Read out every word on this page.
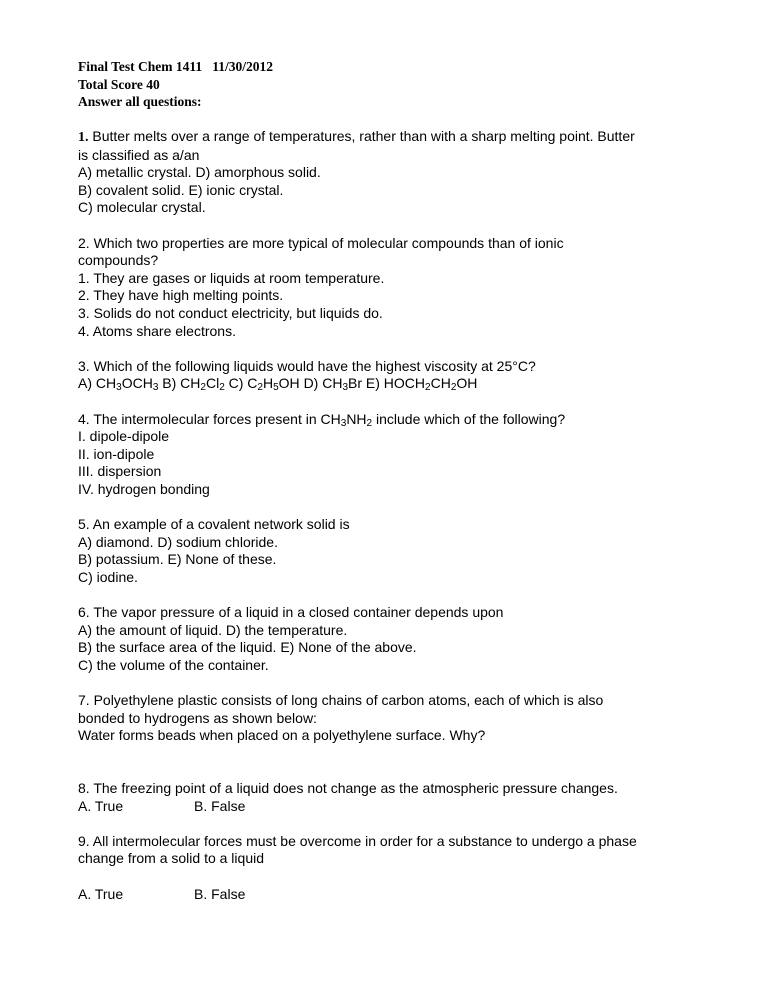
Final Test Chem 1411   11/30/2012
Total Score 40
Answer all questions:
1. Butter melts over a range of temperatures, rather than with a sharp melting point. Butter
is classified as a/an
A) metallic crystal. D) amorphous solid.
B) covalent solid. E) ionic crystal.
C) molecular crystal.
2. Which two properties are more typical of molecular compounds than of ionic
compounds?
1. They are gases or liquids at room temperature.
2. They have high melting points.
3. Solids do not conduct electricity, but liquids do.
4. Atoms share electrons.
3. Which of the following liquids would have the highest viscosity at 25°C?
A) $CH_3OCH_3$ B) $CH_2Cl_2$ C) $C_2H_5OH$ D) $CH_3Br$ E) $HOCH_2CH_2OH$
4. The intermolecular forces present in $CH_3NH_2$ include which of the following?
I. dipole-dipole
II. ion-dipole
III. dispersion
IV. hydrogen bonding
5. An example of a covalent network solid is
A) diamond. D) sodium chloride.
B) potassium. E) None of these.
C) iodine.
6. The vapor pressure of a liquid in a closed container depends upon
A) the amount of liquid. D) the temperature.
B) the surface area of the liquid. E) None of the above.
C) the volume of the container.
7. Polyethylene plastic consists of long chains of carbon atoms, each of which is also
bonded to hydrogens as shown below:
Water forms beads when placed on a polyethylene surface. Why?
8. The freezing point of a liquid does not change as the atmospheric pressure changes.
A. True	B. False
9. All intermolecular forces must be overcome in order for a substance to undergo a phase
change from a solid to a liquid
A. True	B. False
